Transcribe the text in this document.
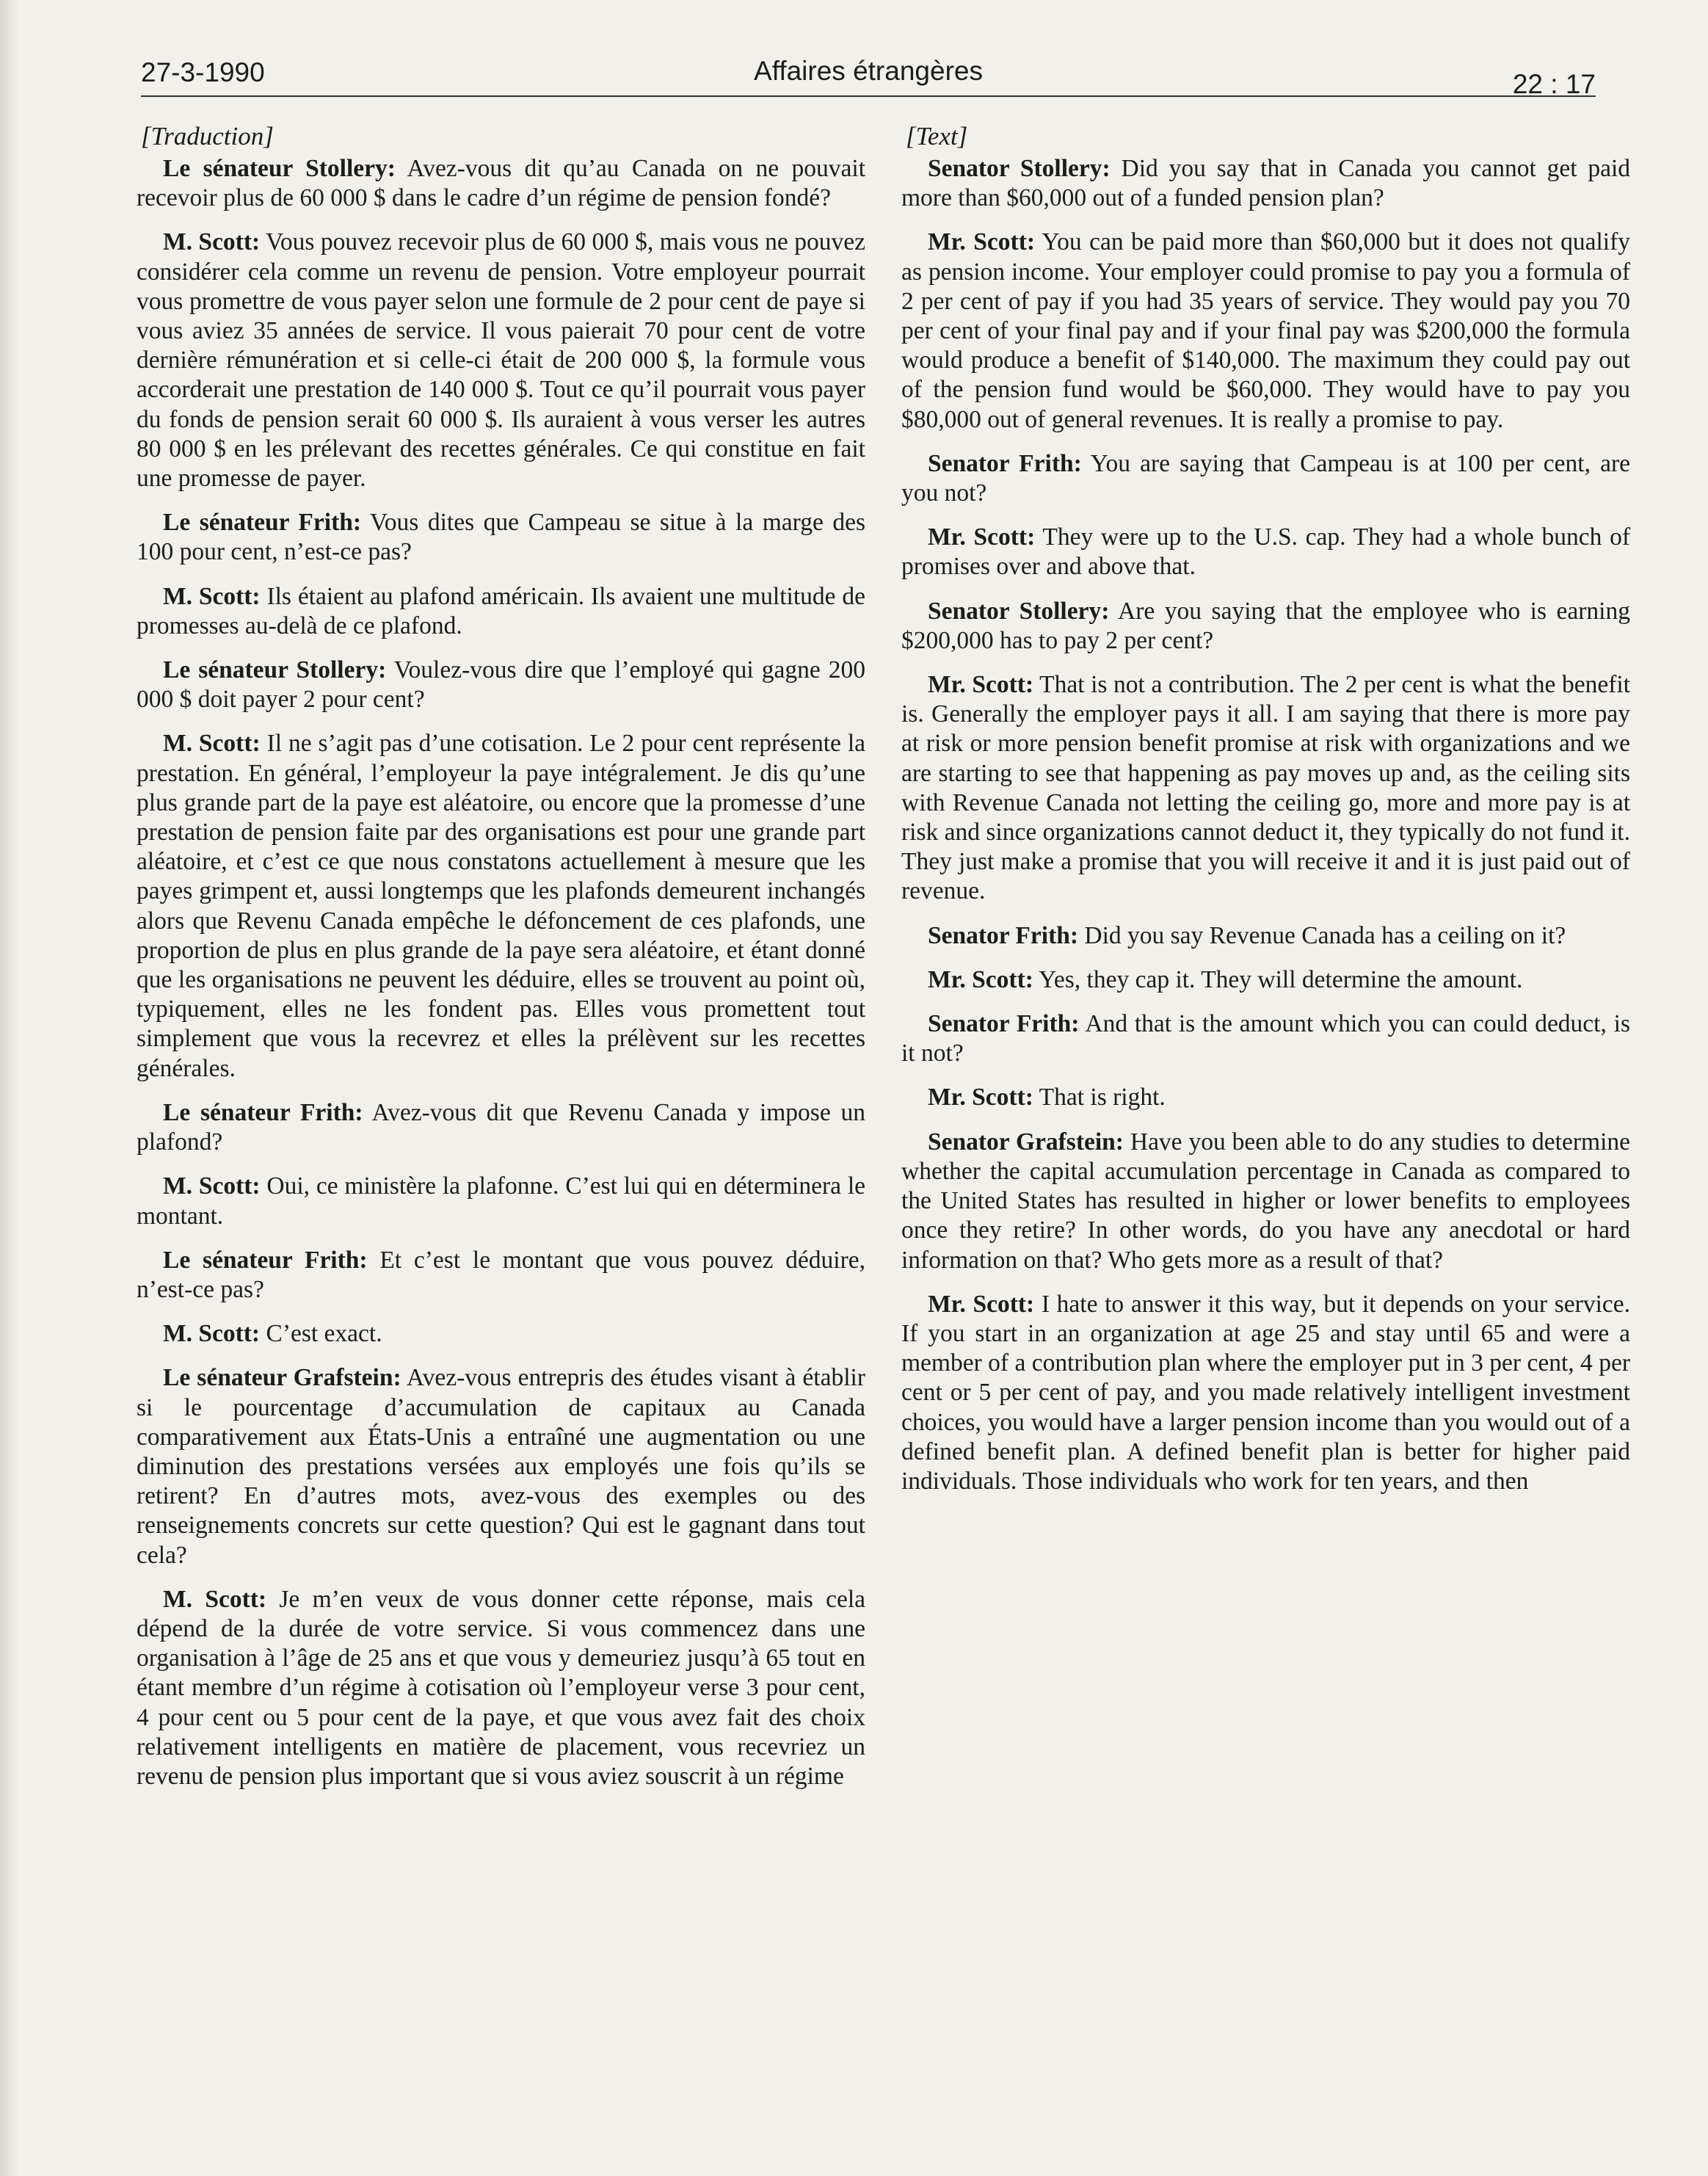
27-3-1990	Affaires étrangères	22 : 17
[Traduction]

Le sénateur Stollery: Avez-vous dit qu’au Canada on ne pouvait recevoir plus de 60 000 $ dans le cadre d’un régime de pension fondé?

M. Scott: Vous pouvez recevoir plus de 60 000 $, mais vous ne pouvez considérer cela comme un revenu de pension. Votre employeur pourrait vous promettre de vous payer selon une formule de 2 pour cent de paye si vous aviez 35 années de service. Il vous paierait 70 pour cent de votre dernière rémunération et si celle-ci était de 200 000 $, la formule vous accorderait une prestation de 140 000 $. Tout ce qu’il pourrait vous payer du fonds de pension serait 60 000 $. Ils auraient à vous verser les autres 80 000 $ en les prélevant des recettes générales. Ce qui constitue en fait une promesse de payer.

Le sénateur Frith: Vous dites que Campeau se situe à la marge des 100 pour cent, n’est-ce pas?

M. Scott: Ils étaient au plafond américain. Ils avaient une multitude de promesses au-delà de ce plafond.

Le sénateur Stollery: Voulez-vous dire que l’employé qui gagne 200 000 $ doit payer 2 pour cent?

M. Scott: Il ne s’agit pas d’une cotisation. Le 2 pour cent représente la prestation. En général, l’employeur la paye intégralement. Je dis qu’une plus grande part de la paye est aléatoire, ou encore que la promesse d’une prestation de pension faite par des organisations est pour une grande part aléatoire, et c’est ce que nous constatons actuellement à mesure que les payes grimpent et, aussi longtemps que les plafonds demeurent inchangés alors que Revenu Canada empêche le défoncement de ces plafonds, une proportion de plus en plus grande de la paye sera aléatoire, et étant donné que les organisations ne peuvent les déduire, elles se trouvent au point où, typiquement, elles ne les fondent pas. Elles vous promettent tout simplement que vous la recevrez et elles la prélèvent sur les recettes générales.

Le sénateur Frith: Avez-vous dit que Revenu Canada y impose un plafond?

M. Scott: Oui, ce ministère la plafonne. C’est lui qui en déterminera le montant.

Le sénateur Frith: Et c’est le montant que vous pouvez déduire, n’est-ce pas?

M. Scott: C’est exact.

Le sénateur Grafstein: Avez-vous entrepris des études visant à établir si le pourcentage d’accumulation de capitaux au Canada comparativement aux États-Unis a entraîné une augmentation ou une diminution des prestations versées aux employés une fois qu’ils se retirent? En d’autres mots, avez-vous des exemples ou des renseignements concrets sur cette question? Qui est le gagnant dans tout cela?

M. Scott: Je m’en veux de vous donner cette réponse, mais cela dépend de la durée de votre service. Si vous commencez dans une organisation à l’âge de 25 ans et que vous y demeuriez jusqu’à 65 tout en étant membre d’un régime à cotisation où l’employeur verse 3 pour cent, 4 pour cent ou 5 pour cent de la paye, et que vous avez fait des choix relativement intelligents en matière de placement, vous recevriez un revenu de pension plus important que si vous aviez souscrit à un régime

[Text]

Senator Stollery: Did you say that in Canada you cannot get paid more than $60,000 out of a funded pension plan?

Mr. Scott: You can be paid more than $60,000 but it does not qualify as pension income. Your employer could promise to pay you a formula of 2 per cent of pay if you had 35 years of service. They would pay you 70 per cent of your final pay and if your final pay was $200,000 the formula would produce a benefit of $140,000. The maximum they could pay out of the pension fund would be $60,000. They would have to pay you $80,000 out of general revenues. It is really a promise to pay.

Senator Frith: You are saying that Campeau is at 100 per cent, are you not?

Mr. Scott: They were up to the U.S. cap. They had a whole bunch of promises over and above that.

Senator Stollery: Are you saying that the employee who is earning $200,000 has to pay 2 per cent?

Mr. Scott: That is not a contribution. The 2 per cent is what the benefit is. Generally the employer pays it all. I am saying that there is more pay at risk or more pension benefit promise at risk with organizations and we are starting to see that happening as pay moves up and, as the ceiling sits with Revenue Canada not letting the ceiling go, more and more pay is at risk and since organizations cannot deduct it, they typically do not fund it. They just make a promise that you will receive it and it is just paid out of revenue.

Senator Frith: Did you say Revenue Canada has a ceiling on it?

Mr. Scott: Yes, they cap it. They will determine the amount.

Senator Frith: And that is the amount which you can could deduct, is it not?

Mr. Scott: That is right.

Senator Grafstein: Have you been able to do any studies to determine whether the capital accumulation percentage in Canada as compared to the United States has resulted in higher or lower benefits to employees once they retire? In other words, do you have any anecdotal or hard information on that? Who gets more as a result of that?

Mr. Scott: I hate to answer it this way, but it depends on your service. If you start in an organization at age 25 and stay until 65 and were a member of a contribution plan where the employer put in 3 per cent, 4 per cent or 5 per cent of pay, and you made relatively intelligent investment choices, you would have a larger pension income than you would out of a defined benefit plan. A defined benefit plan is better for higher paid individuals. Those individuals who work for ten years, and then
